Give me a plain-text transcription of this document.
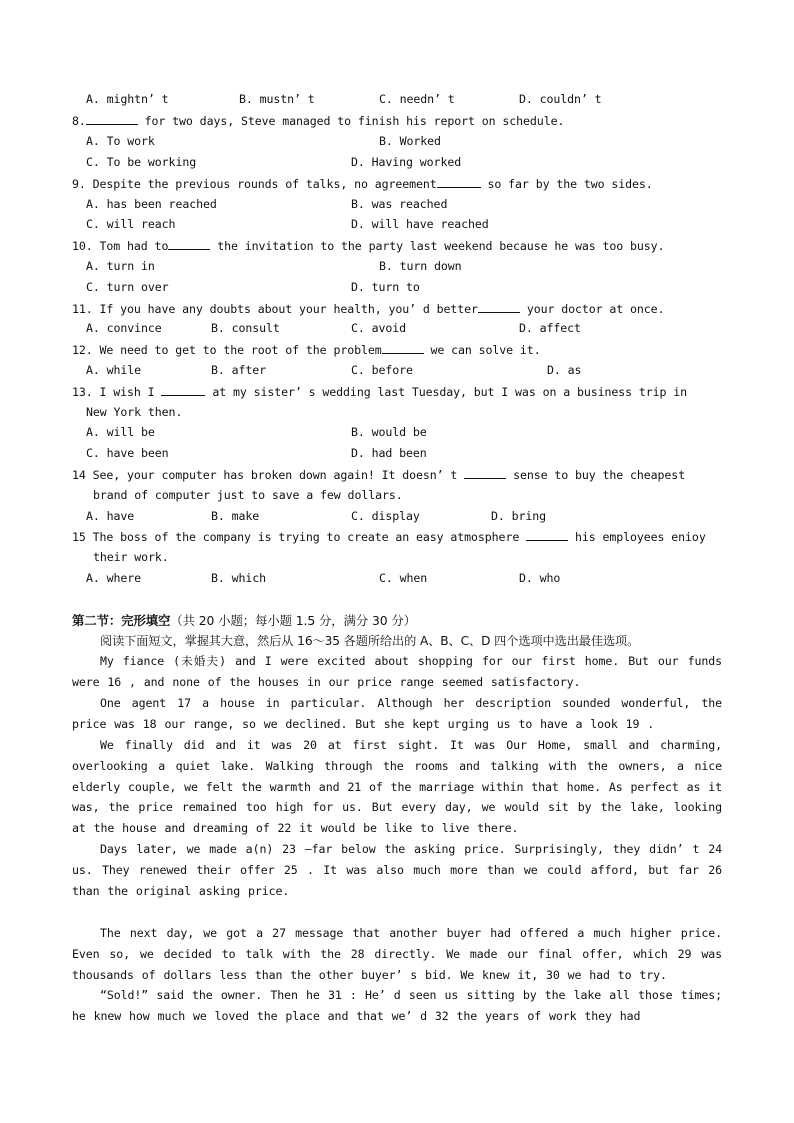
A. mightn’ t	B. mustn’ t	C. needn’ t	D. couldn’ t
8.	for two days, Steve managed to finish his report on schedule.
A. To work	B. Worked
C. To be working	D. Having worked
9. Despite the previous rounds of talks, no agreement	so far by the two sides.
A. has been reached	B. was reached
C. will reach	D. will have reached
10. Tom had to	the invitation to the party last weekend because he was too busy.
A. turn in	B. turn down
C. turn over	D. turn to
11. If you have any doubts about your health, you’ d better	your doctor at once.
A. convince	B. consult	C. avoid	D. affect
12. We need to get to the root of the problem	we can solve it.
A. while	B. after	C. before	D. as
13. I wish I	at my sister’ s wedding last Tuesday, but I was on a business trip in
New York then.
A. will be	B. would be
C. have been	D. had been
14 See, your computer has broken down again! It doesn’ t	sense to buy the cheapest
brand of computer just to save a few dollars.
A. have	B. make	C. display	D. bring
15 The boss of the company is trying to create an easy atmosphere	his employees enioy
their work.
A. where	B. which	C. when	D. who
第二节：完形填空（共 20 小题；每小题 1.5 分，满分 30 分）
阅读下面短文，掌握其大意，然后从 16～35 各题所给出的 A、B、C、D 四个选项中选出最佳选项。
My fiance (未婚夫) and I were excited about shopping for our first home. But our funds were 16 , and none of the houses in our price range seemed satisfactory.
One agent 17 a house in particular. Although her description sounded wonderful, the price was 18 our range, so we declined. But she kept urging us to have a look 19 .
We finally did and it was 20 at first sight. It was Our Home, small and charming, overlooking a quiet lake. Walking through the rooms and talking with the owners, a nice elderly couple, we felt the warmth and 21 of the marriage within that home. As perfect as it was, the price remained too high for us. But every day, we would sit by the lake, looking at the house and dreaming of 22 it would be like to live there.
Days later, we made a(n) 23 —far below the asking price. Surprisingly, they didn’ t 24 us. They renewed their offer 25 . It was also much more than we could afford, but far 26 than the original asking price.
The next day, we got a 27 message that another buyer had offered a much higher price. Even so, we decided to talk with the 28 directly. We made our final offer, which 29 was thousands of dollars less than the other buyer’ s bid. We knew it, 30 we had to try.
“Sold!” said the owner. Then he 31 : He’ d seen us sitting by the lake all those times; he knew how much we loved the place and that we’ d 32 the years of work they had
